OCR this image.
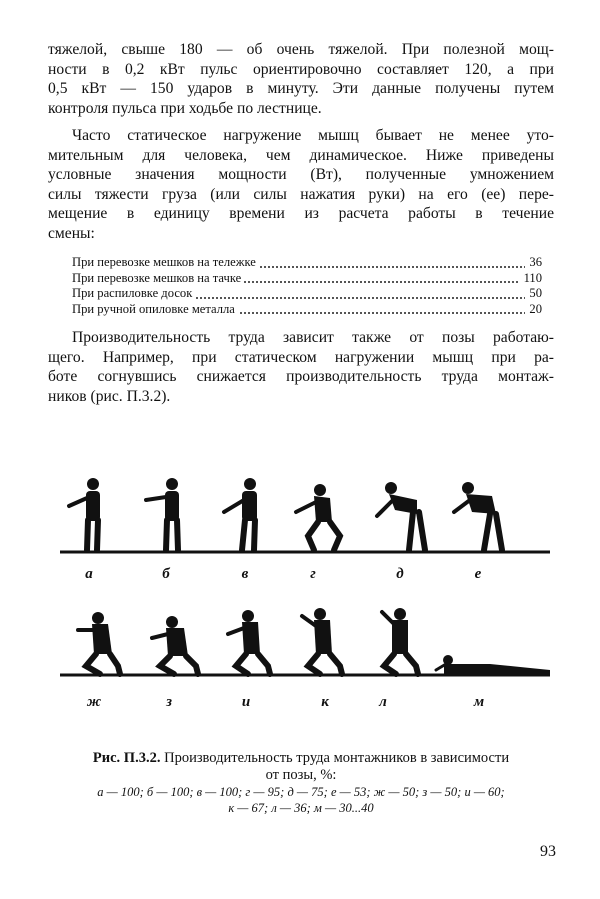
тяжелой, свыше 180 — об очень тяжелой. При полезной мощ-
ности в 0,2 кВт пульс ориентировочно составляет 120, а при
0,5 кВт — 150 ударов в минуту. Эти данные получены путем
контроля пульса при ходьбе по лестнице.
Часто статическое нагружение мышц бывает не менее уто-
мительным для человека, чем динамическое. Ниже приведены
условные значения мощности (Вт), полученные умножением
силы тяжести груза (или силы нажатия руки) на его (ее) пере-
мещение в единицу времени из расчета работы в течение
смены:
При перевозке мешков на тележке	36
При перевозке мешков на тачке	110
При распиловке досок	50
При ручной опиловке металла	20
Производительность труда зависит также от позы работаю-
щего. Например, при статическом нагружении мышц при ра-
боте согнувшись снижается производительность труда монтаж-
ников (рис. П.3.2).
а	б	в	г	д	е
ж	з	и	к	л	м
Рис. П.3.2. Производительность труда монтажников в зависимости
от позы, %:
а — 100; б — 100; в — 100; г — 95; д — 75; е — 53; ж — 50; з — 50; и — 60;
к — 67; л — 36; м — 30...40
93
